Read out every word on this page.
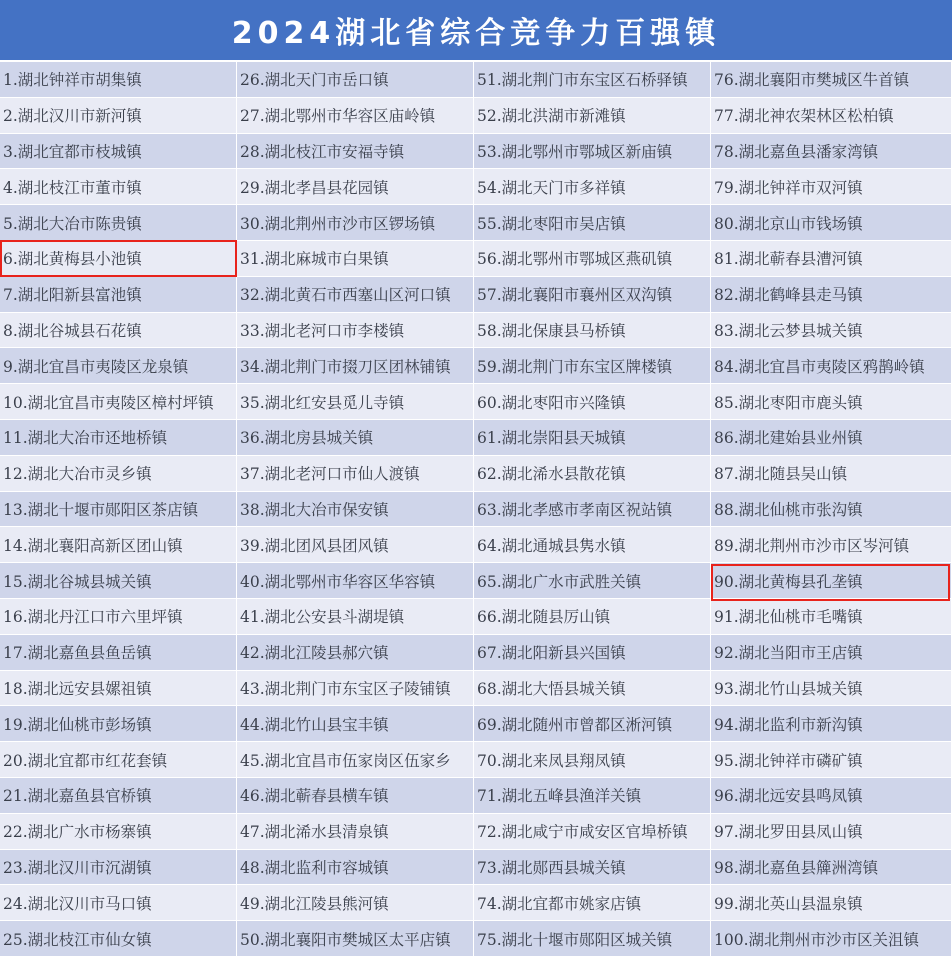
2024湖北省综合竞争力百强镇
1.湖北钟祥市胡集镇	26.湖北天门市岳口镇	51.湖北荆门市东宝区石桥驿镇	76.湖北襄阳市樊城区牛首镇
2.湖北汉川市新河镇	27.湖北鄂州市华容区庙岭镇	52.湖北洪湖市新滩镇	77.湖北神农架林区松柏镇
3.湖北宜都市枝城镇	28.湖北枝江市安福寺镇	53.湖北鄂州市鄂城区新庙镇	78.湖北嘉鱼县潘家湾镇
4.湖北枝江市董市镇	29.湖北孝昌县花园镇	54.湖北天门市多祥镇	79.湖北钟祥市双河镇
5.湖北大冶市陈贵镇	30.湖北荆州市沙市区锣场镇	55.湖北枣阳市吴店镇	80.湖北京山市钱场镇
6.湖北黄梅县小池镇	31.湖北麻城市白果镇	56.湖北鄂州市鄂城区燕矶镇	81.湖北蕲春县漕河镇
7.湖北阳新县富池镇	32.湖北黄石市西塞山区河口镇	57.湖北襄阳市襄州区双沟镇	82.湖北鹤峰县走马镇
8.湖北谷城县石花镇	33.湖北老河口市李楼镇	58.湖北保康县马桥镇	83.湖北云梦县城关镇
9.湖北宜昌市夷陵区龙泉镇	34.湖北荆门市掇刀区团林铺镇	59.湖北荆门市东宝区牌楼镇	84.湖北宜昌市夷陵区鸦鹊岭镇
10.湖北宜昌市夷陵区樟村坪镇	35.湖北红安县觅儿寺镇	60.湖北枣阳市兴隆镇	85.湖北枣阳市鹿头镇
11.湖北大冶市还地桥镇	36.湖北房县城关镇	61.湖北崇阳县天城镇	86.湖北建始县业州镇
12.湖北大冶市灵乡镇	37.湖北老河口市仙人渡镇	62.湖北浠水县散花镇	87.湖北随县吴山镇
13.湖北十堰市郧阳区茶店镇	38.湖北大冶市保安镇	63.湖北孝感市孝南区祝站镇	88.湖北仙桃市张沟镇
14.湖北襄阳高新区团山镇	39.湖北团风县团风镇	64.湖北通城县隽水镇	89.湖北荆州市沙市区岑河镇
15.湖北谷城县城关镇	40.湖北鄂州市华容区华容镇	65.湖北广水市武胜关镇	90.湖北黄梅县孔垄镇
16.湖北丹江口市六里坪镇	41.湖北公安县斗湖堤镇	66.湖北随县厉山镇	91.湖北仙桃市毛嘴镇
17.湖北嘉鱼县鱼岳镇	42.湖北江陵县郝穴镇	67.湖北阳新县兴国镇	92.湖北当阳市王店镇
18.湖北远安县嫘祖镇	43.湖北荆门市东宝区子陵铺镇	68.湖北大悟县城关镇	93.湖北竹山县城关镇
19.湖北仙桃市彭场镇	44.湖北竹山县宝丰镇	69.湖北随州市曾都区淅河镇	94.湖北监利市新沟镇
20.湖北宜都市红花套镇	45.湖北宜昌市伍家岗区伍家乡	70.湖北来凤县翔凤镇	95.湖北钟祥市磷矿镇
21.湖北嘉鱼县官桥镇	46.湖北蕲春县横车镇	71.湖北五峰县渔洋关镇	96.湖北远安县鸣凤镇
22.湖北广水市杨寨镇	47.湖北浠水县清泉镇	72.湖北咸宁市咸安区官埠桥镇	97.湖北罗田县凤山镇
23.湖北汉川市沉湖镇	48.湖北监利市容城镇	73.湖北郧西县城关镇	98.湖北嘉鱼县簰洲湾镇
24.湖北汉川市马口镇	49.湖北江陵县熊河镇	74.湖北宜都市姚家店镇	99.湖北英山县温泉镇
25.湖北枝江市仙女镇	50.湖北襄阳市樊城区太平店镇	75.湖北十堰市郧阳区城关镇	100.湖北荆州市沙市区关沮镇
